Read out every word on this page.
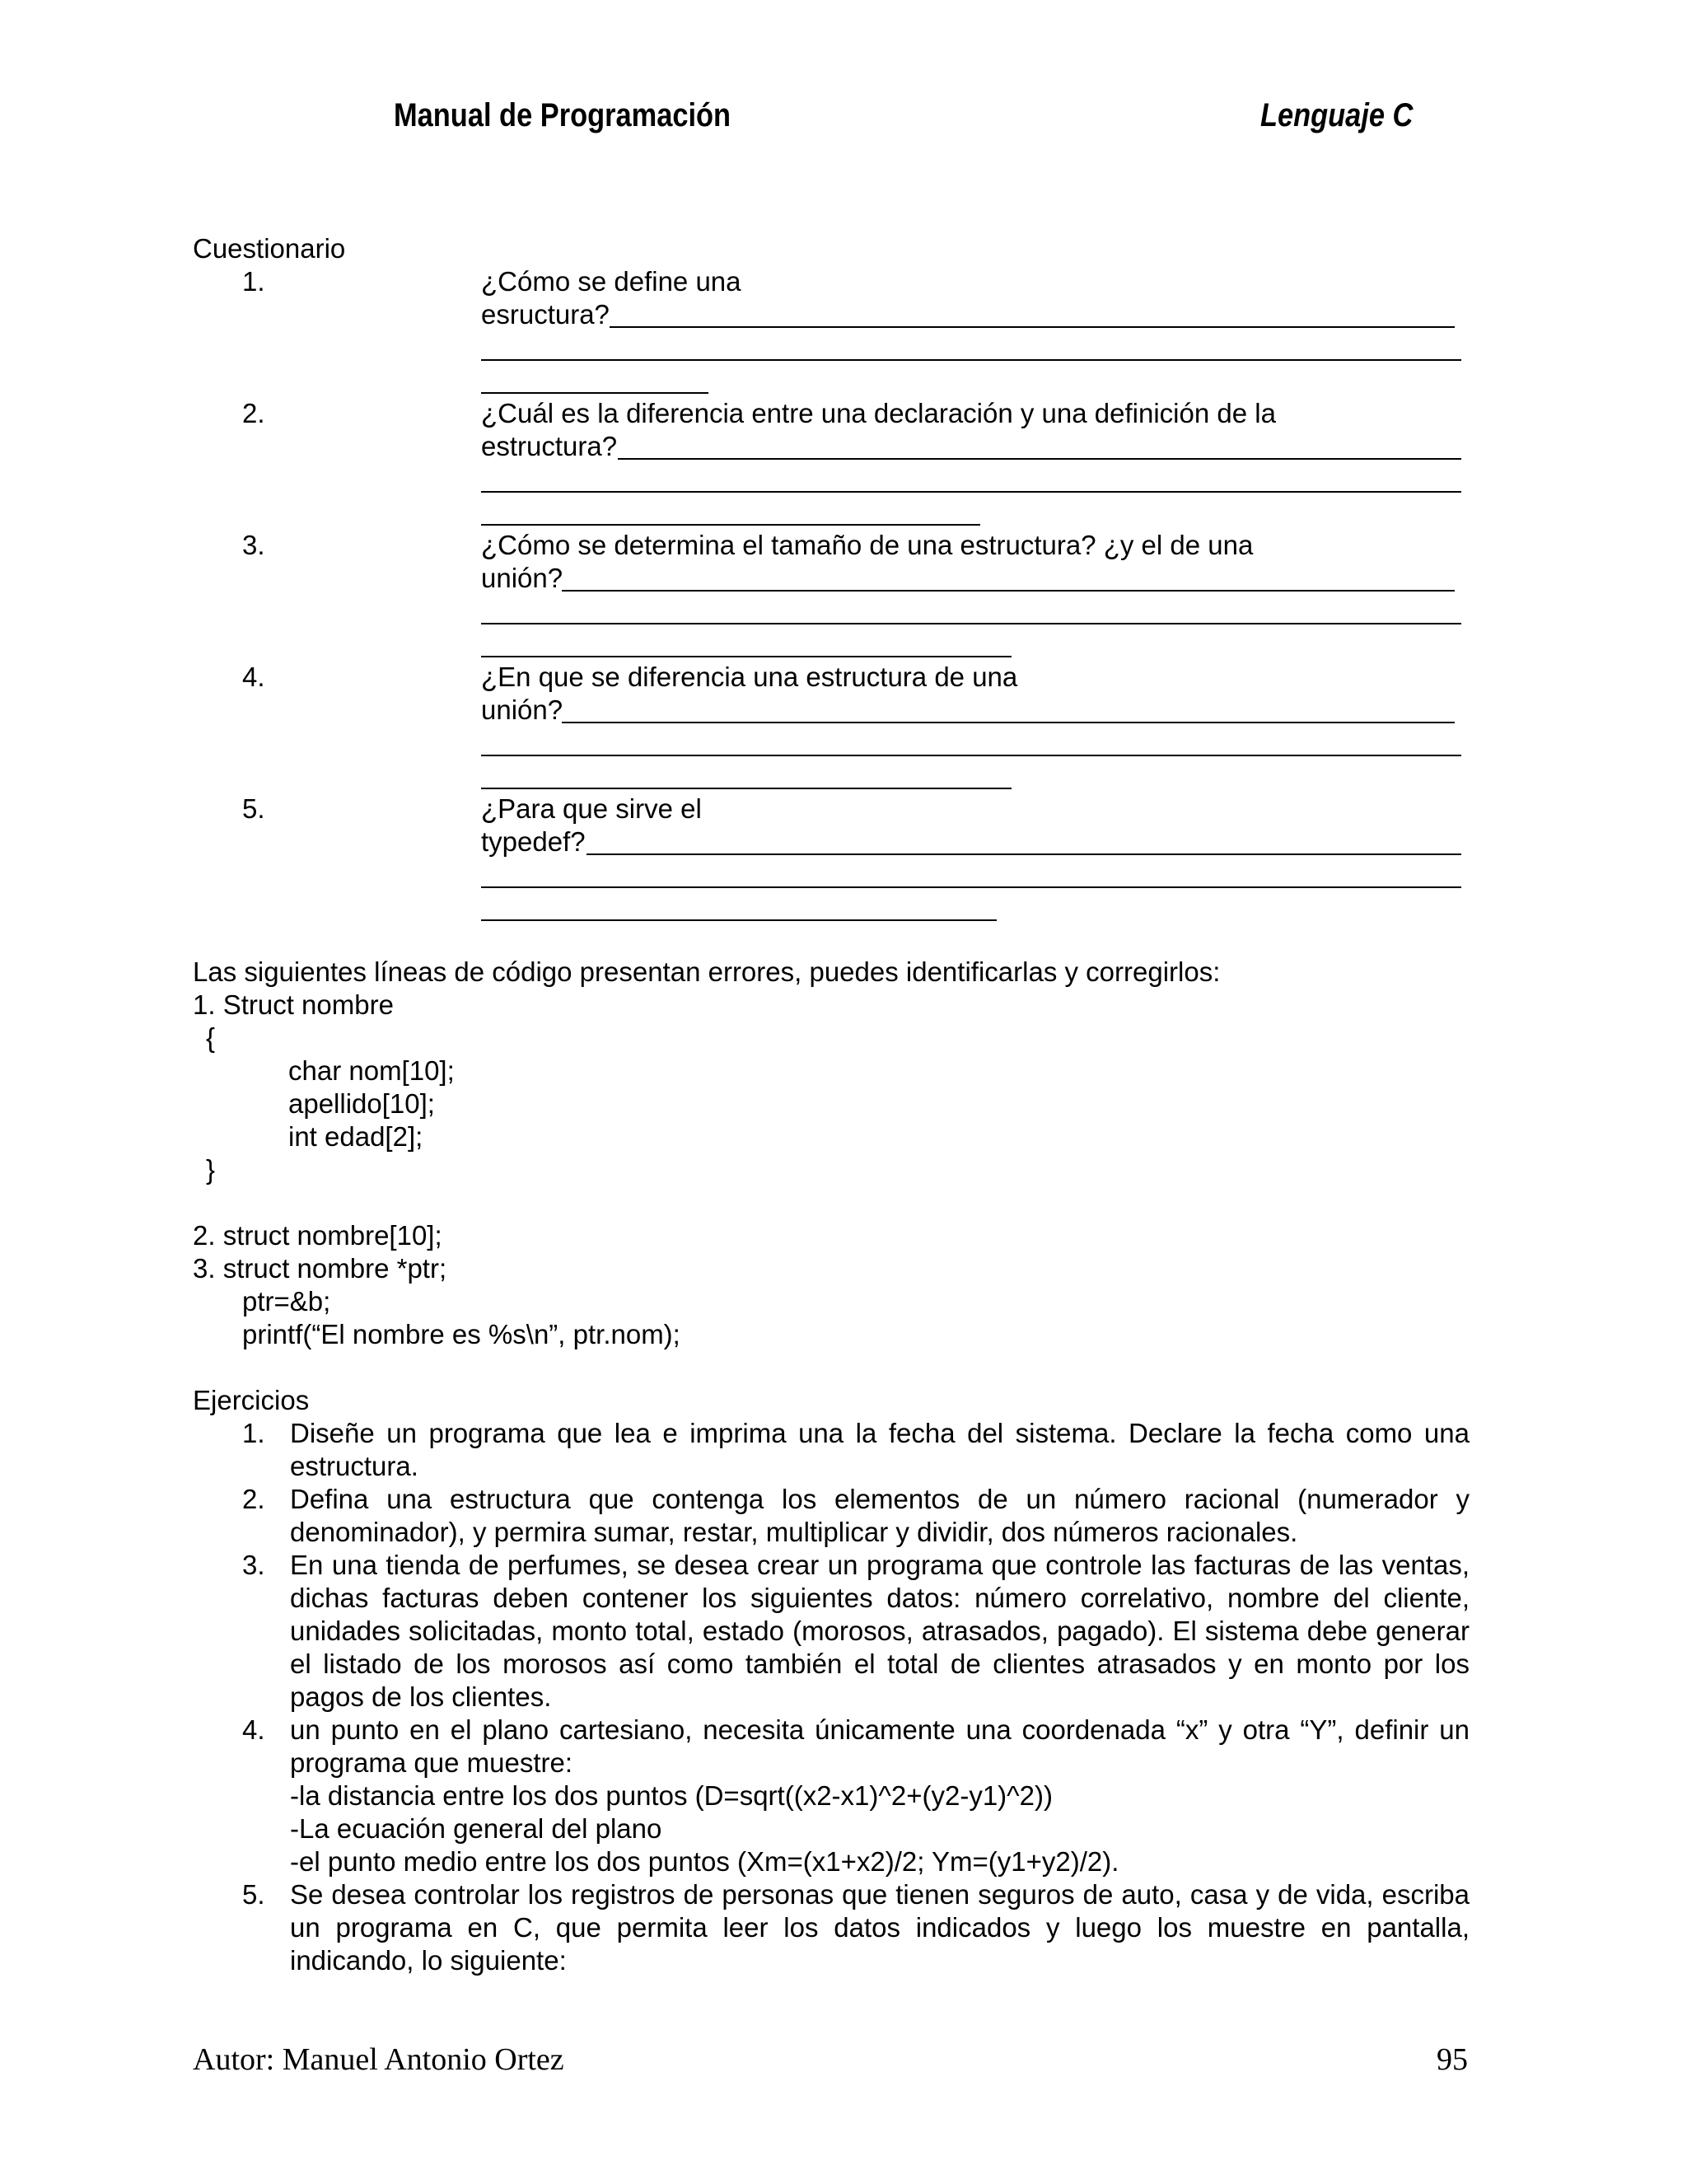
Manual de Programación	Lenguaje C
Cuestionario
1.	¿Cómo se define una
esructura?
2.	¿Cuál es la diferencia entre una declaración y una definición de la
estructura?
3.	¿Cómo se determina el tamaño de una estructura? ¿y el de una
unión?
4.	¿En que se diferencia una estructura de una
unión?
5.	¿Para que sirve el
typedef?
Las siguientes líneas de código presentan errores, puedes identificarlas y corregirlos:
1. Struct nombre
{
char nom[10];
apellido[10];
int edad[2];
}
2. struct nombre[10];
3. struct nombre *ptr;
ptr=&b;
printf(“El nombre es %s\n”, ptr.nom);
Ejercicios
1. Diseñe un programa que lea e imprima una la fecha del sistema. Declare la fecha como una estructura.
2. Defina una estructura que contenga los elementos de un número racional (numerador y denominador), y permira sumar, restar, multiplicar y dividir, dos números racionales.
3. En una tienda de perfumes, se desea crear un programa que controle las facturas de las ventas, dichas facturas deben contener los siguientes datos: número correlativo, nombre del cliente, unidades solicitadas, monto total, estado (morosos, atrasados, pagado). El sistema debe generar el listado de los morosos así como también el total de clientes atrasados y en monto por los pagos de los clientes.
4. un punto en el plano cartesiano, necesita únicamente una coordenada “x” y otra “Y”, definir un programa que muestre:
-la distancia entre los dos puntos (D=sqrt((x2-x1)^2+(y2-y1)^2))
-La ecuación general del plano
-el punto medio entre los dos puntos (Xm=(x1+x2)/2; Ym=(y1+y2)/2).
5. Se desea controlar los registros de personas que tienen seguros de auto, casa y de vida, escriba un programa en C, que permita leer los datos indicados y luego los muestre en pantalla, indicando, lo siguiente:
Autor: Manuel Antonio Ortez	95
